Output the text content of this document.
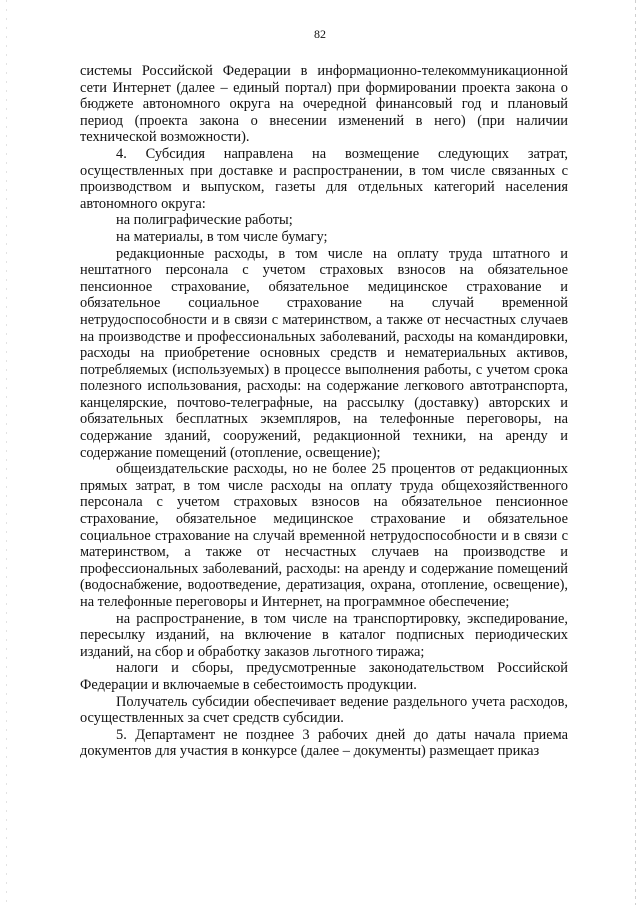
82

системы Российской Федерации в информационно-телекоммуникационной сети Интернет (далее – единый портал) при формировании проекта закона о бюджете автономного округа на очередной финансовый год и плановый период (проекта закона о внесении изменений в него) (при наличии технической возможности).

4. Субсидия направлена на возмещение следующих затрат, осуществленных при доставке и распространении, в том числе связанных с производством и выпуском, газеты для отдельных категорий населения автономного округа:

на полиграфические работы;

на материалы, в том числе бумагу;

редакционные расходы, в том числе на оплату труда штатного и нештатного персонала с учетом страховых взносов на обязательное пенсионное страхование, обязательное медицинское страхование и обязательное социальное страхование на случай временной нетрудоспособности и в связи с материнством, а также от несчастных случаев на производстве и профессиональных заболеваний, расходы на командировки, расходы на приобретение основных средств и нематериальных активов, потребляемых (используемых) в процессе выполнения работы, с учетом срока полезного использования, расходы: на содержание легкового автотранспорта, канцелярские, почтово-телеграфные, на рассылку (доставку) авторских и обязательных бесплатных экземпляров, на телефонные переговоры, на содержание зданий, сооружений, редакционной техники, на аренду и содержание помещений (отопление, освещение);

общеиздательские расходы, но не более 25 процентов от редакционных прямых затрат, в том числе расходы на оплату труда общехозяйственного персонала с учетом страховых взносов на обязательное пенсионное страхование, обязательное медицинское страхование и обязательное социальное страхование на случай временной нетрудоспособности и в связи с материнством, а также от несчастных случаев на производстве и профессиональных заболеваний, расходы: на аренду и содержание помещений (водоснабжение, водоотведение, дератизация, охрана, отопление, освещение), на телефонные переговоры и Интернет, на программное обеспечение;

на распространение, в том числе на транспортировку, экспедирование, пересылку изданий, на включение в каталог подписных периодических изданий, на сбор и обработку заказов льготного тиража;

налоги и сборы, предусмотренные законодательством Российской Федерации и включаемые в себестоимость продукции.

Получатель субсидии обеспечивает ведение раздельного учета расходов, осуществленных за счет средств субсидии.

5. Департамент не позднее 3 рабочих дней до даты начала приема документов для участия в конкурсе (далее – документы) размещает приказ
